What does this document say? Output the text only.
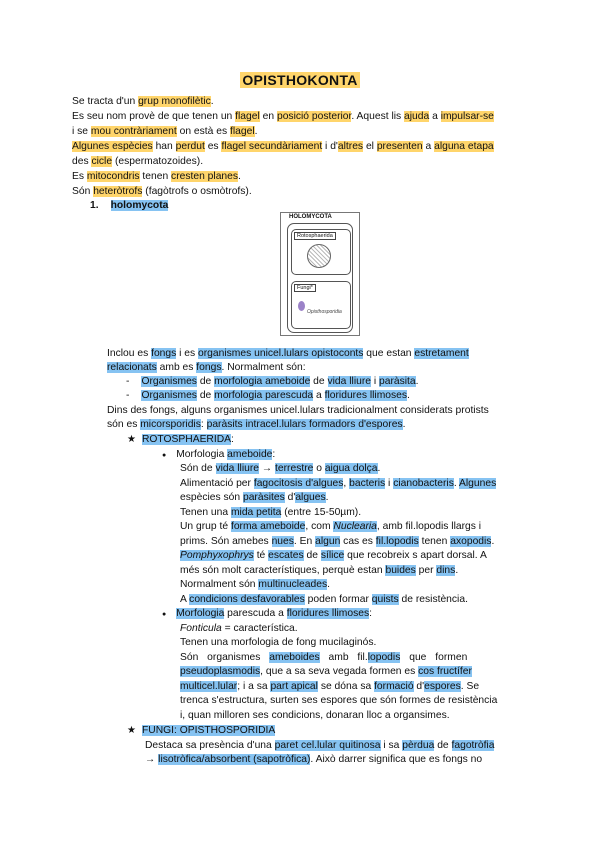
OPISTHOKONTA
Se tracta d'un grup monofilètic.
Es seu nom provè de que tenen un flagel en posició posterior. Aquest lis ajuda a impulsar-se
i se mou contràriament on està es flagel.
Algunes espècies han perdut es flagel secundàriament i d'altres el presenten a alguna etapa
des cicle (espermatozoides).
Es mitocondris tenen cresten planes.
Són heteròtrofs (fagòtrofs o osmòtrofs).
1. holomycota
HOLOMYCOTA
Rotosphaerida
Fungi*
Opisthosporidia
Inclou es fongs i es organismes unicel.lulars opistoconts que estan estretament
relacionats amb es fongs. Normalment són:
- Organismes de morfologia ameboide de vida lliure i paràsita.
- Organismes de morfologia parescuda a floridures llimoses.
Dins des fongs, alguns organismes unicel.lulars tradicionalment considerats protists
són es micorsporidis: paràsits intracel.lulars formadors d'espores.
★ ROTOSPHAERIDA:
● Morfologia ameboide:
Són de vida lliure → terrestre o aigua dolça.
Alimentació per fagocitosis d'algues, bacteris i cianobacteris. Algunes
espècies són paràsites d'algues.
Tenen una mida petita (entre 15-50µm).
Un grup té forma ameboide, com Nuclearia, amb fil.lopodis llargs i
prims. Són amebes nues. En algun cas es fil.lopodis tenen axopodis.
Pomphyxophrys té escates de sílice que recobreix s apart dorsal. A
més són molt característiques, perquè estan buides per dins.
Normalment són multinucleades.
A condicions desfavorables poden formar quists de resistència.
● Morfologia parescuda a floridures llimoses:
Fonticula = característica.
Tenen una morfologia de fong mucilaginós.
Són organismes ameboides amb fil.lopodis que formen
pseudoplasmodis, que a sa seva vegada formen es cos fructífer
multicel.lular; i a sa part apical se dóna sa formació d'espores. Se
trenca s'estructura, surten ses espores que són formes de resistència
i, quan milloren ses condicions, donaran lloc a organsimes.
★ FUNGI: OPISTHOSPORIDIA
Destaca sa presència d'una paret cel.lular quitinosa i sa pèrdua de fagotròfia
→ lisotròfica/absorbent (sapotròfica). Això darrer significa que es fongs no
